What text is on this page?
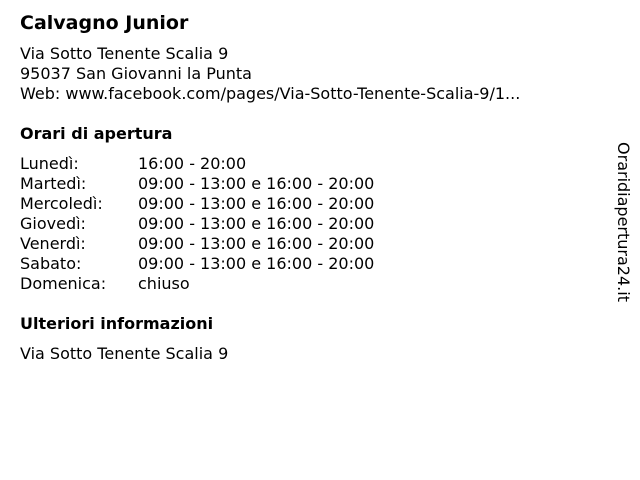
Calvagno Junior
Via Sotto Tenente Scalia 9
95037 San Giovanni la Punta
Web: www.facebook.com/pages/Via-Sotto-Tenente-Scalia-9/1...
Orari di apertura
Lunedì:	16:00 - 20:00
Martedì:	09:00 - 13:00 e 16:00 - 20:00
Mercoledì: 09:00 - 13:00 e 16:00 - 20:00
Giovedì:	09:00 - 13:00 e 16:00 - 20:00
Venerdì:	09:00 - 13:00 e 16:00 - 20:00
Sabato:	09:00 - 13:00 e 16:00 - 20:00
Domenica: chiuso
Ulteriori informazioni
Via Sotto Tenente Scalia 9
Oraridiapertura24.it
